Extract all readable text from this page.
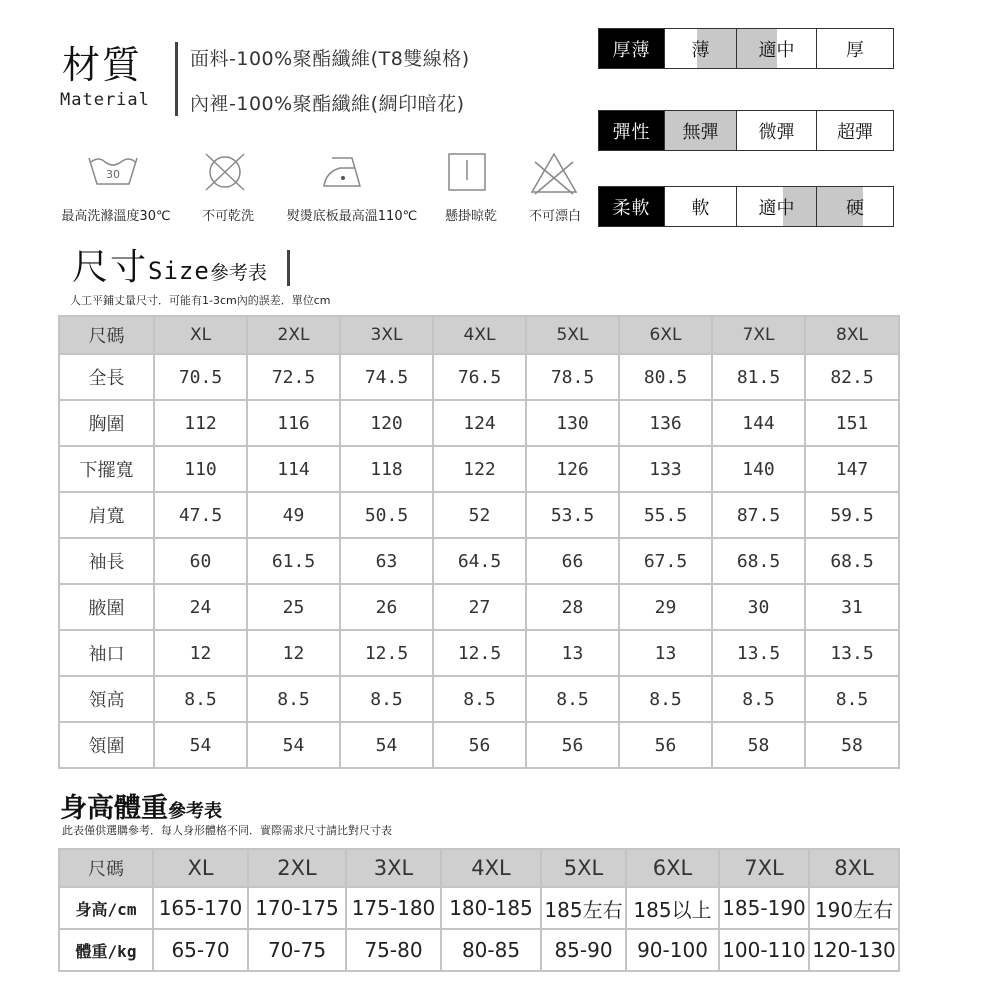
材質
Material
面料-100%聚酯纖維(T8雙線格)
內裡-100%聚酯纖維(綢印暗花)
30
最高洗滌溫度30℃ 不可乾洗	熨燙底板最高溫110℃ 懸掛晾乾 不可漂白
厚薄	薄	適中	厚
彈性	無彈 微彈 超彈
柔軟	軟	適中	硬
尺寸Size參考表
人工平鋪丈量尺寸．可能有1-3cm內的誤差．單位cm
尺碼	XL	2XL	3XL	4XL	5XL	6XL	7XL	8XL
全長	70.5	72.5	74.5	76.5	78.5	80.5	81.5	82.5
胸圍	112	116	120	124	130	136	144	151
下擺寬	110	114	118	122	126	133	140	147
肩寬	47.5	49	50.5	52	53.5	55.5	87.5	59.5
袖長	60	61.5	63	64.5	66	67.5	68.5	68.5
腋圍	24	25	26	27	28	29	30	31
袖口	12	12	12.5	12.5	13	13	13.5	13.5
領高	8.5	8.5	8.5	8.5	8.5	8.5	8.5	8.5
領圍	54	54	54	56	56	56	58	58
身高體重參考表
此表僅供選購參考．每人身形體格不同．實際需求尺寸請比對尺寸表
尺碼	XL	2XL	3XL	4XL	5XL	6XL	7XL	8XL
身高/cm	165-170	170-175	175-180	180-185	185左右	185以上	185-190	190左右
體重/kg	65-70	70-75	75-80	80-85	85-90	90-100	100-110	120-130
